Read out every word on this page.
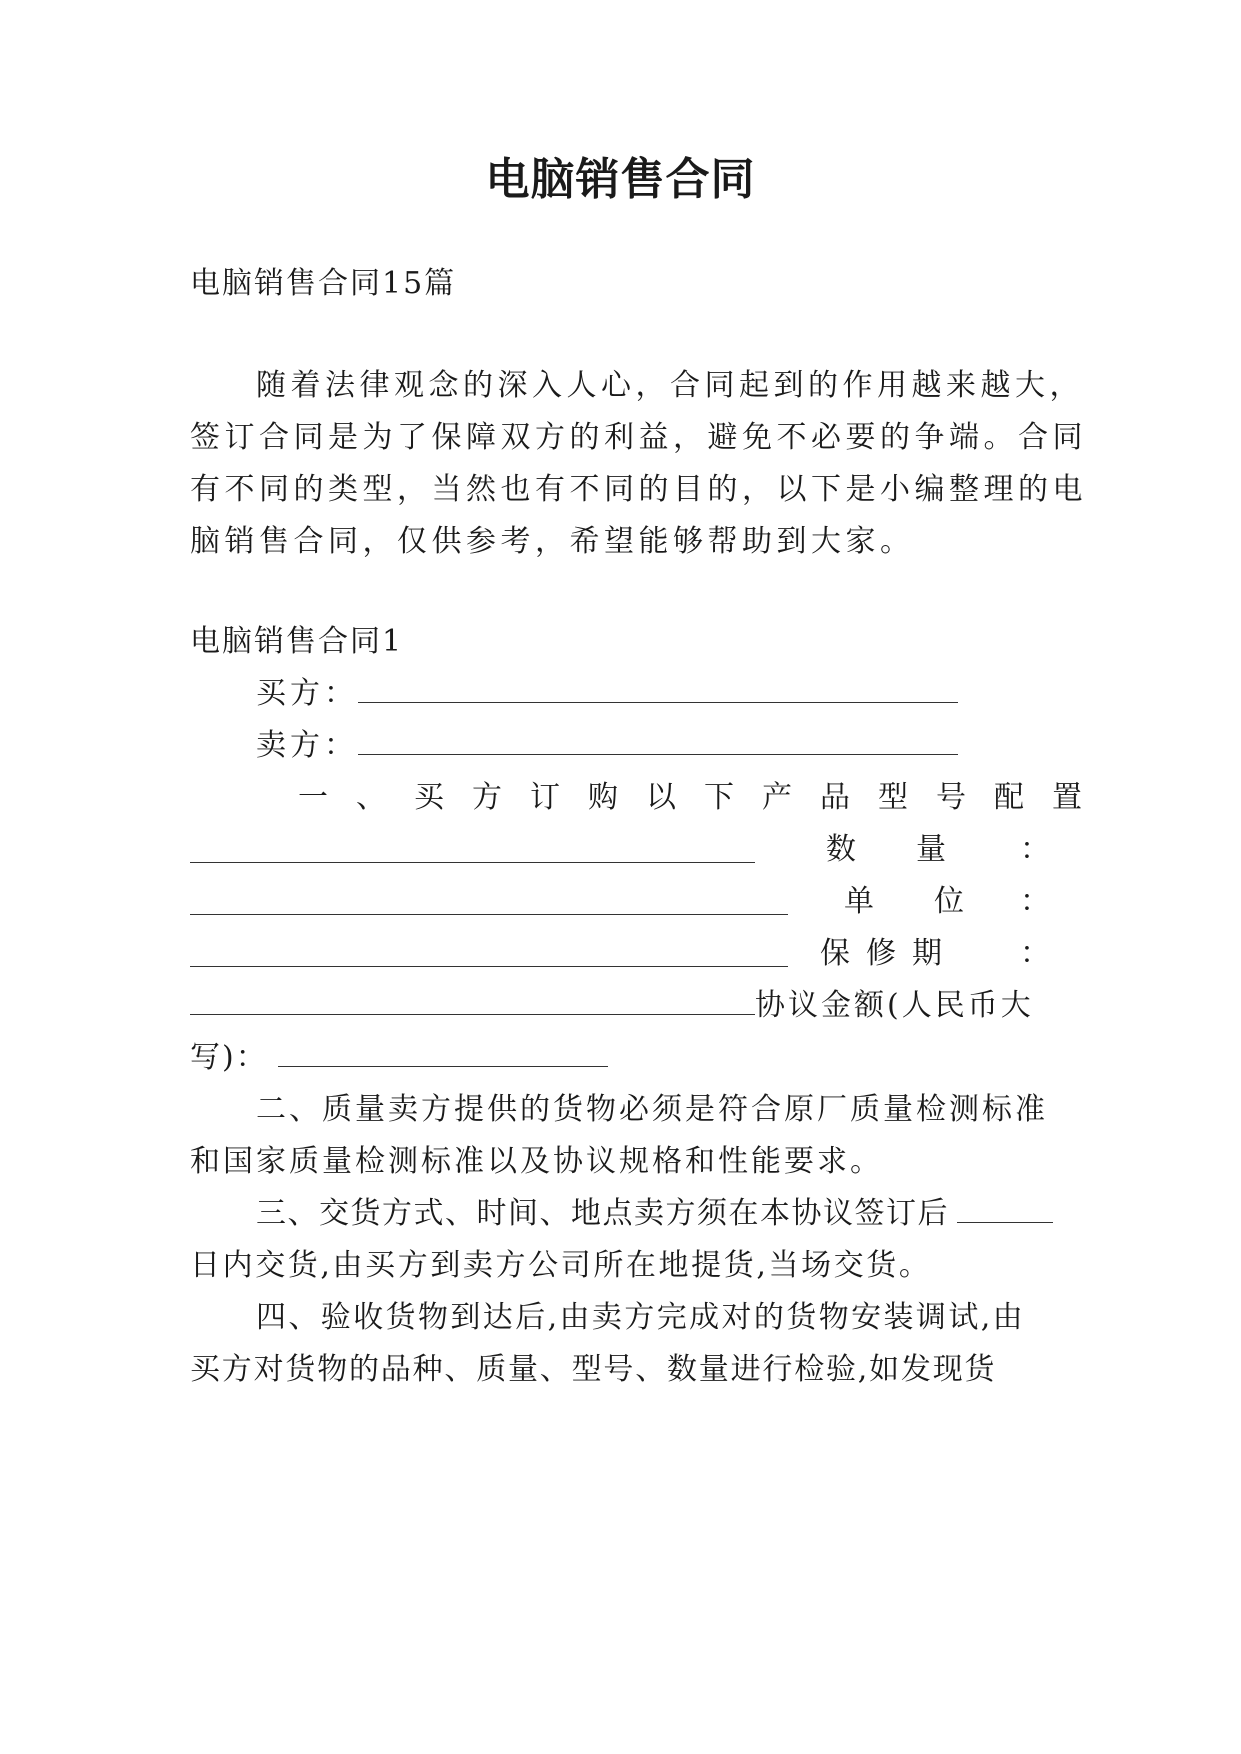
电脑销售合同
电脑销售合同15篇
随着法律观念的深入人心，合同起到的作用越来越大，
签订合同是为了保障双方的利益，避免不必要的争端。合同
有不同的类型，当然也有不同的目的，以下是小编整理的电
脑销售合同，仅供参考，希望能够帮助到大家。
电脑销售合同1
买方：
卖方：
一、买方订购以下产品型号配置
数量 ：
单位
：
保修期 ：
协议金额(人民币大
写)：
二、质量卖方提供的货物必须是符合原厂质量检测标准
和国家质量检测标准以及协议规格和性能要求。
三、交货方式、时间、地点卖方须在本协议签订后
日内交货,由买方到卖方公司所在地提货,当场交货。
四、验收货物到达后,由卖方完成对的货物安装调试,由
买方对货物的品种、质量、型号、数量进行检验,如发现货
